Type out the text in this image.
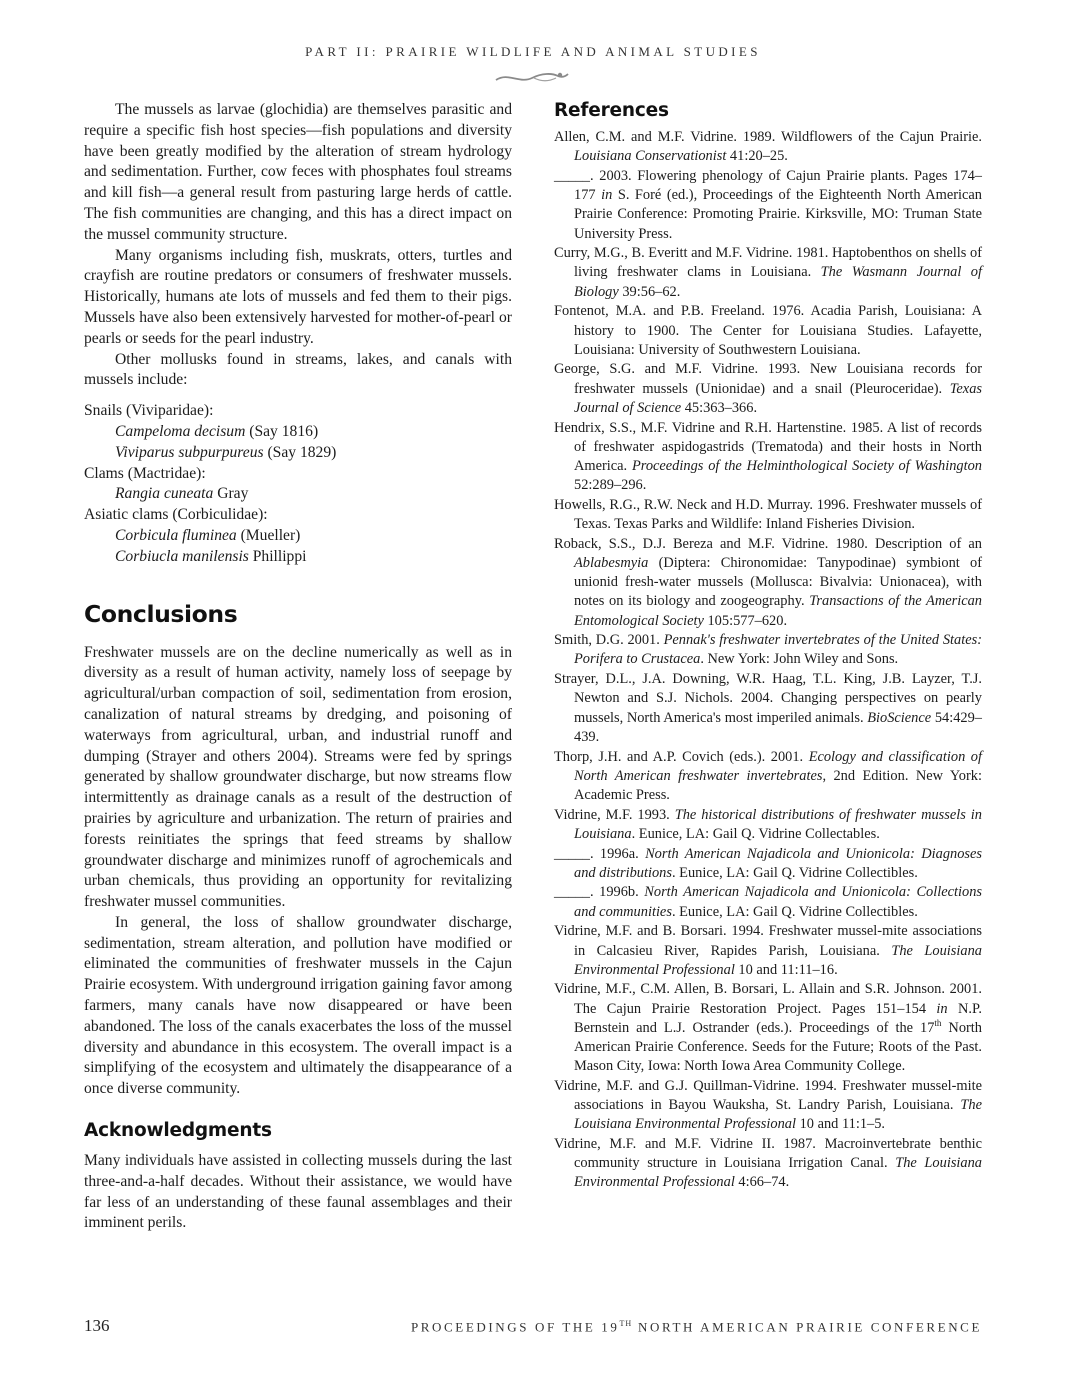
PART II: PRAIRIE WILDLIFE AND ANIMAL STUDIES

The mussels as larvae (glochidia) are themselves parasitic and require a specific fish host species—fish populations and diversity have been greatly modified by the alteration of stream hydrology and sedimentation. Further, cow feces with phosphates foul streams and kill fish—a general result from pasturing large herds of cattle. The fish communities are changing, and this has a direct impact on the mussel community structure.

Many organisms including fish, muskrats, otters, turtles and crayfish are routine predators or consumers of freshwater mussels. Historically, humans ate lots of mussels and fed them to their pigs. Mussels have also been extensively harvested for mother-of-pearl or pearls or seeds for the pearl industry.

Other mollusks found in streams, lakes, and canals with mussels include:

Snails (Viviparidae):

Campeloma decisum (Say 1816)

Viviparus subpurpureus (Say 1829)

Clams (Mactridae):

Rangia cuneata Gray

Asiatic clams (Corbiculidae):

Corbicula fluminea (Mueller)

Corbiucla manilensis Phillippi

Conclusions

Freshwater mussels are on the decline numerically as well as in diversity as a result of human activity, namely loss of seepage by agricultural/urban compaction of soil, sedimentation from erosion, canalization of natural streams by dredging, and poisoning of waterways from agricultural, urban, and industrial runoff and dumping (Strayer and others 2004). Streams were fed by springs generated by shallow groundwater discharge, but now streams flow intermittently as drainage canals as a result of the destruction of prairies by agriculture and urbanization. The return of prairies and forests reinitiates the springs that feed streams by shallow groundwater discharge and minimizes runoff of agrochemicals and urban chemicals, thus providing an opportunity for revitalizing freshwater mussel communities.

In general, the loss of shallow groundwater discharge, sedimentation, stream alteration, and pollution have modified or eliminated the communities of freshwater mussels in the Cajun Prairie ecosystem. With underground irrigation gaining favor among farmers, many canals have now disappeared or have been abandoned. The loss of the canals exacerbates the loss of the mussel diversity and abundance in this ecosystem. The overall impact is a simplifying of the ecosystem and ultimately the disappearance of a once diverse community.

Acknowledgments

Many individuals have assisted in collecting mussels during the last three-and-a-half decades. Without their assistance, we would have far less of an understanding of these faunal assemblages and their imminent perils.

References
Allen, C.M. and M.F. Vidrine. 1989. Wildflowers of the Cajun Prairie. Louisiana Conservationist 41:20–25.
_____. 2003. Flowering phenology of Cajun Prairie plants. Pages 174–177 in S. Foré (ed.), Proceedings of the Eighteenth North American Prairie Conference: Promoting Prairie. Kirksville, MO: Truman State University Press.
Curry, M.G., B. Everitt and M.F. Vidrine. 1981. Haptobenthos on shells of living freshwater clams in Louisiana. The Wasmann Journal of Biology 39:56–62.
Fontenot, M.A. and P.B. Freeland. 1976. Acadia Parish, Louisiana: A history to 1900. The Center for Louisiana Studies. Lafayette, Louisiana: University of Southwestern Louisiana.
George, S.G. and M.F. Vidrine. 1993. New Louisiana records for freshwater mussels (Unionidae) and a snail (Pleuroceridae). Texas Journal of Science 45:363–366.
Hendrix, S.S., M.F. Vidrine and R.H. Hartenstine. 1985. A list of records of freshwater aspidogastrids (Trematoda) and their hosts in North America. Proceedings of the Helminthological Society of Washington 52:289–296.
Howells, R.G., R.W. Neck and H.D. Murray. 1996. Freshwater mussels of Texas. Texas Parks and Wildlife: Inland Fisheries Division.
Roback, S.S., D.J. Bereza and M.F. Vidrine. 1980. Description of an Ablabesmyia (Diptera: Chironomidae: Tanypodinae) symbiont of unionid fresh-water mussels (Mollusca: Bivalvia: Unionacea), with notes on its biology and zoogeography. Transactions of the American Entomological Society 105:577–620.
Smith, D.G. 2001. Pennak's freshwater invertebrates of the United States: Porifera to Crustacea. New York: John Wiley and Sons.
Strayer, D.L., J.A. Downing, W.R. Haag, T.L. King, J.B. Layzer, T.J. Newton and S.J. Nichols. 2004. Changing perspectives on pearly mussels, North America's most imperiled animals. BioScience 54:429–439.
Thorp, J.H. and A.P. Covich (eds.). 2001. Ecology and classification of North American freshwater invertebrates, 2nd Edition. New York: Academic Press.
Vidrine, M.F. 1993. The historical distributions of freshwater mussels in Louisiana. Eunice, LA: Gail Q. Vidrine Collectables.
_____. 1996a. North American Najadicola and Unionicola: Diagnoses and distributions. Eunice, LA: Gail Q. Vidrine Collectibles.
_____. 1996b. North American Najadicola and Unionicola: Collections and communities. Eunice, LA: Gail Q. Vidrine Collectibles.
Vidrine, M.F. and B. Borsari. 1994. Freshwater mussel-mite associations in Calcasieu River, Rapides Parish, Louisiana. The Louisiana Environmental Professional 10 and 11:11–16.
Vidrine, M.F., C.M. Allen, B. Borsari, L. Allain and S.R. Johnson. 2001. The Cajun Prairie Restoration Project. Pages 151–154 in N.P. Bernstein and L.J. Ostrander (eds.). Proceedings of the 17th North American Prairie Conference. Seeds for the Future; Roots of the Past. Mason City, Iowa: North Iowa Area Community College.
Vidrine, M.F. and G.J. Quillman-Vidrine. 1994. Freshwater mussel-mite associations in Bayou Wauksha, St. Landry Parish, Louisiana. The Louisiana Environmental Professional 10 and 11:1–5.
Vidrine, M.F. and M.F. Vidrine II. 1987. Macroinvertebrate benthic community structure in Louisiana Irrigation Canal. The Louisiana Environmental Professional 4:66–74.
136	PROCEEDINGS OF THE 19TH NORTH AMERICAN PRAIRIE CONFERENCE
